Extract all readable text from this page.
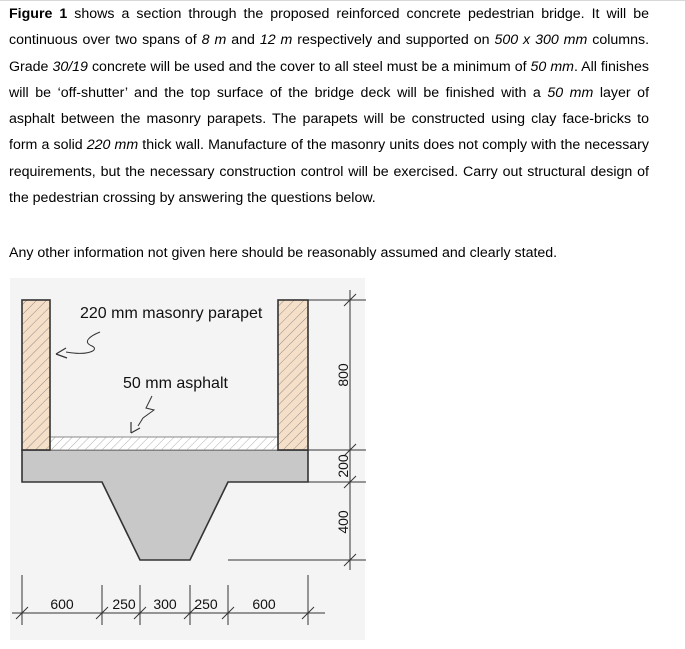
Figure 1 shows a section through the proposed reinforced concrete pedestrian bridge. It will be continuous over two spans of 8 m and 12 m respectively and supported on 500 x 300 mm columns. Grade 30/19 concrete will be used and the cover to all steel must be a minimum of 50 mm. All finishes will be ‘off-shutter’ and the top surface of the bridge deck will be finished with a 50 mm layer of asphalt between the masonry parapets. The parapets will be constructed using clay face-bricks to form a solid 220 mm thick wall. Manufacture of the masonry units does not comply with the necessary requirements, but the necessary construction control will be exercised. Carry out structural design of the pedestrian crossing by answering the questions below.

Any other information not given here should be reasonably assumed and clearly stated.
220 mm masonry parapet
50 mm asphalt	800
200
400
600	250 300 250 600
